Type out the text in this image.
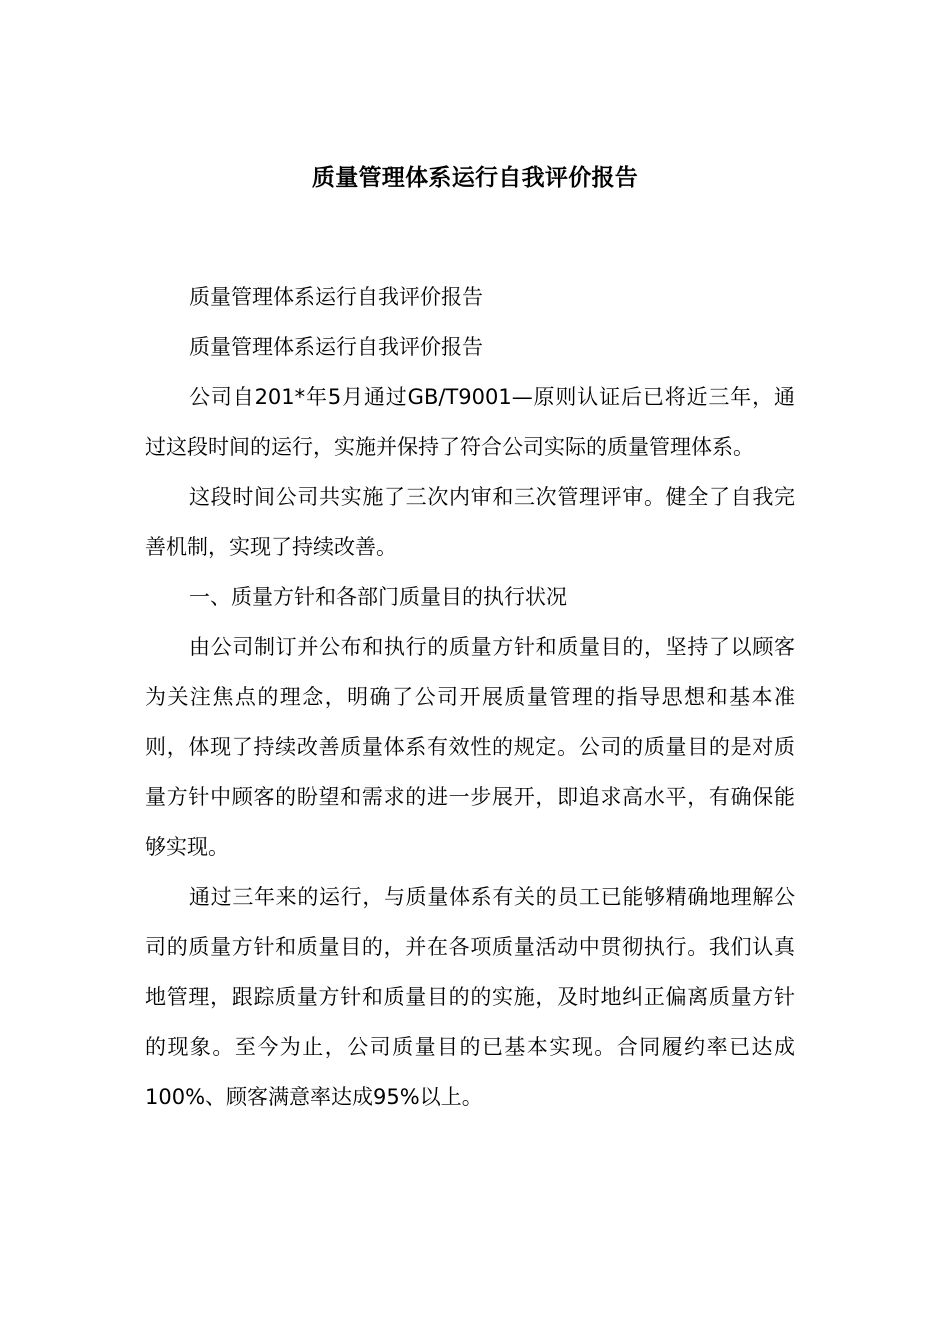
质量管理体系运行自我评价报告

质量管理体系运行自我评价报告

质量管理体系运行自我评价报告

公司自201*年5月通过GB/T9001—原则认证后已将近三年，通过这段时间的运行，实施并保持了符合公司实际的质量管理体系。

这段时间公司共实施了三次内审和三次管理评审。健全了自我完善机制，实现了持续改善。

一、质量方针和各部门质量目的执行状况

由公司制订并公布和执行的质量方针和质量目的，坚持了以顾客为关注焦点的理念，明确了公司开展质量管理的指导思想和基本准则，体现了持续改善质量体系有效性的规定。公司的质量目的是对质量方针中顾客的盼望和需求的进一步展开，即追求高水平，有确保能够实现。

通过三年来的运行，与质量体系有关的员工已能够精确地理解公司的质量方针和质量目的，并在各项质量活动中贯彻执行。我们认真地管理，跟踪质量方针和质量目的的实施，及时地纠正偏离质量方针的现象。至今为止，公司质量目的已基本实现。合同履约率已达成100%、顾客满意率达成95%以上。
